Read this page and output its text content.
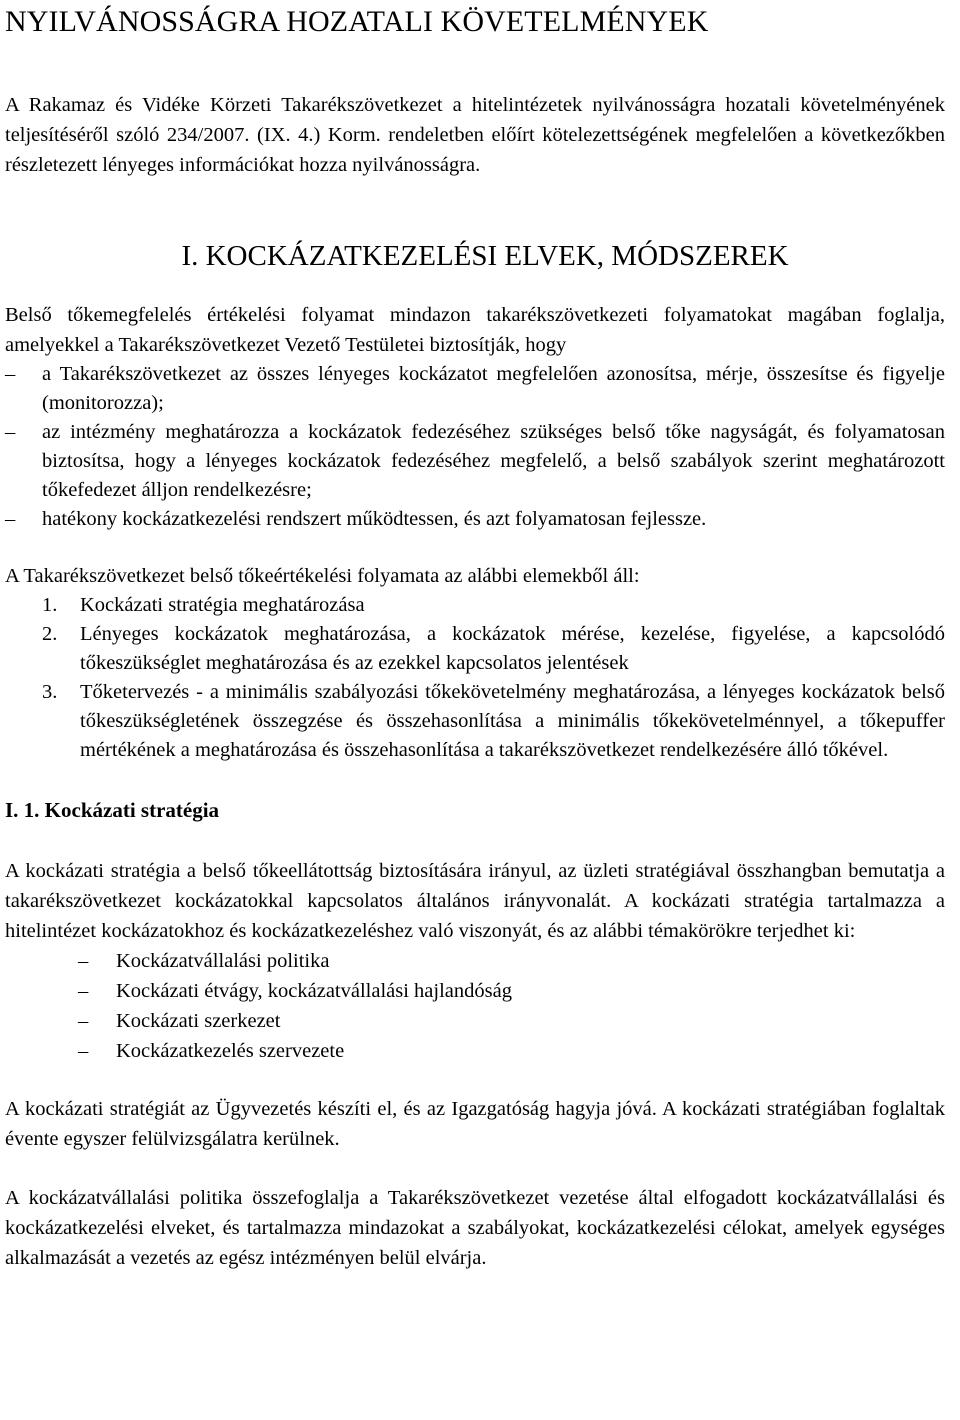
NYILVÁNOSSÁGRA HOZATALI KÖVETELMÉNYEK

A Rakamaz és Vidéke Körzeti Takarékszövetkezet a hitelintézetek nyilvánosságra hozatali követelményének teljesítéséről szóló 234/2007. (IX. 4.) Korm. rendeletben előírt kötelezettségének megfelelően a következőkben részletezett lényeges információkat hozza nyilvánosságra.

I. KOCKÁZATKEZELÉSI ELVEK, MÓDSZEREK

Belső tőkemegfelelés értékelési folyamat mindazon takarékszövetkezeti folyamatokat magában foglalja, amelyekkel a Takarékszövetkezet Vezető Testületei biztosítják, hogy

–	a Takarékszövetkezet az összes lényeges kockázatot megfelelően azonosítsa, mérje, összesítse és figyelje (monitorozza);
–	az intézmény meghatározza a kockázatok fedezéséhez szükséges belső tőke nagyságát, és folyamatosan biztosítsa, hogy a lényeges kockázatok fedezéséhez megfelelő, a belső szabályok szerint meghatározott tőkefedezet álljon rendelkezésre;
–	hatékony kockázatkezelési rendszert működtessen, és azt folyamatosan fejlessze.

A Takarékszövetkezet belső tőkeértékelési folyamata az alábbi elemekből áll:

1. Kockázati stratégia meghatározása
2. Lényeges kockázatok meghatározása, a kockázatok mérése, kezelése, figyelése, a kapcsolódó tőkeszükséglet meghatározása és az ezekkel kapcsolatos jelentések
3. Tőketervezés - a minimális szabályozási tőkekövetelmény meghatározása, a lényeges kockázatok belső tőkeszükségletének összegzése és összehasonlítása a minimális tőkekövetelménnyel, a tőkepuffer mértékének a meghatározása és összehasonlítása a takarékszövetkezet rendelkezésére álló tőkével.
I. 1. Kockázati stratégia

A kockázati stratégia a belső tőkeellátottság biztosítására irányul, az üzleti stratégiával összhangban bemutatja a takarékszövetkezet kockázatokkal kapcsolatos általános irányvonalát. A kockázati stratégia tartalmazza a hitelintézet kockázatokhoz és kockázatkezeléshez való viszonyát, és az alábbi témakörökre terjedhet ki:

–	Kockázatvállalási politika
–	Kockázati étvágy, kockázatvállalási hajlandóság
–	Kockázati szerkezet
–	Kockázatkezelés szervezete

A kockázati stratégiát az Ügyvezetés készíti el, és az Igazgatóság hagyja jóvá. A kockázati stratégiában foglaltak évente egyszer felülvizsgálatra kerülnek.

A kockázatvállalási politika összefoglalja a Takarékszövetkezet vezetése által elfogadott kockázatvállalási és kockázatkezelési elveket, és tartalmazza mindazokat a szabályokat, kockázatkezelési célokat, amelyek egységes alkalmazását a vezetés az egész intézményen belül elvárja.
